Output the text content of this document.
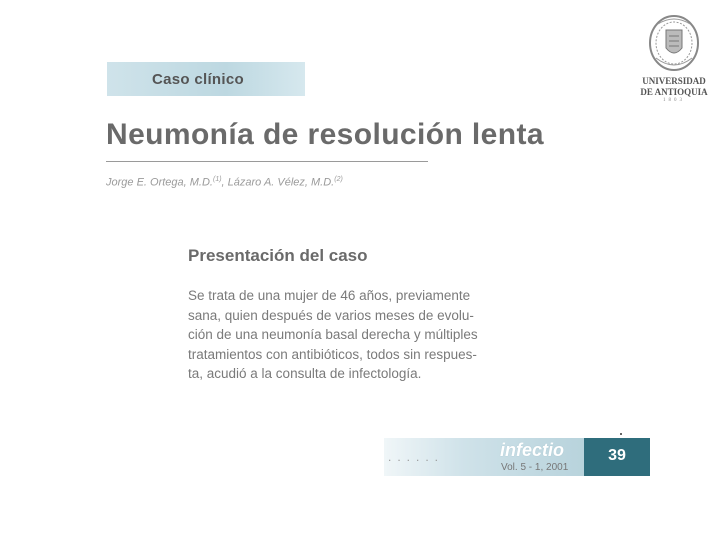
Caso clínico
Neumonía de resolución lenta
Jorge E. Ortega, M.D.$^{(1)}$, Lázaro A. Vélez, M.D.$^{(2)}$
UNIVERSIDAD
DE ANTIOQUIA
1803
Presentación del caso
Se trata de una mujer de 46 años, previamente
sana, quien después de varios meses de evolu-
ción de una neumonía basal derecha y múltiples
tratamientos con antibióticos, todos sin respues-
ta, acudió a la consulta de infectología.
......	infectio
Vol. 5 - 1, 2001
39
